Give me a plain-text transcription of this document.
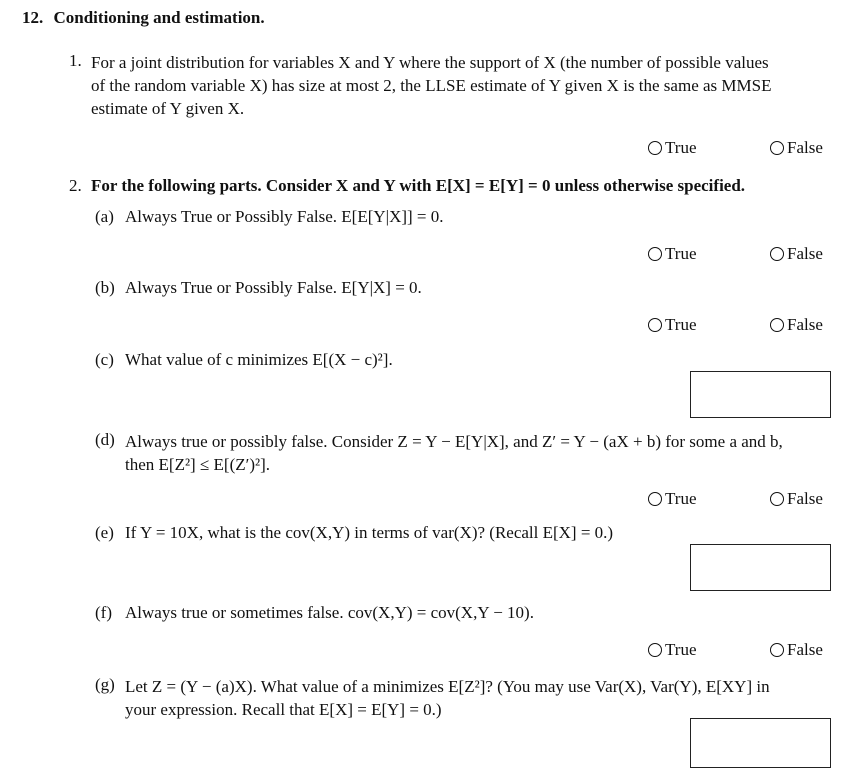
12. Conditioning and estimation.
1. For a joint distribution for variables X and Y where the support of X (the number of possible values
of the random variable X) has size at most 2, the LLSE estimate of Y given X is the same as MMSE
estimate of Y given X.
True	False
2. For the following parts. Consider X and Y with E[X] = E[Y] = 0 unless otherwise specified.
(a) Always True or Possibly False. E[E[Y|X]] = 0.
True	False
(b) Always True or Possibly False. E[Y|X] = 0.
True	False
(c) What value of c minimizes E[(X − c)²].
(d) Always true or possibly false. Consider Z = Y − E[Y|X], and Z′ = Y − (aX + b) for some a and b,
then E[Z²] ≤ E[(Z′)²].
True	False
(e) If Y = 10X, what is the cov(X,Y) in terms of var(X)? (Recall E[X] = 0.)
(f) Always true or sometimes false. cov(X,Y) = cov(X,Y − 10).
True	False
(g) Let Z = (Y − (a)X). What value of a minimizes E[Z²]? (You may use Var(X), Var(Y), E[XY] in
your expression. Recall that E[X] = E[Y] = 0.)
